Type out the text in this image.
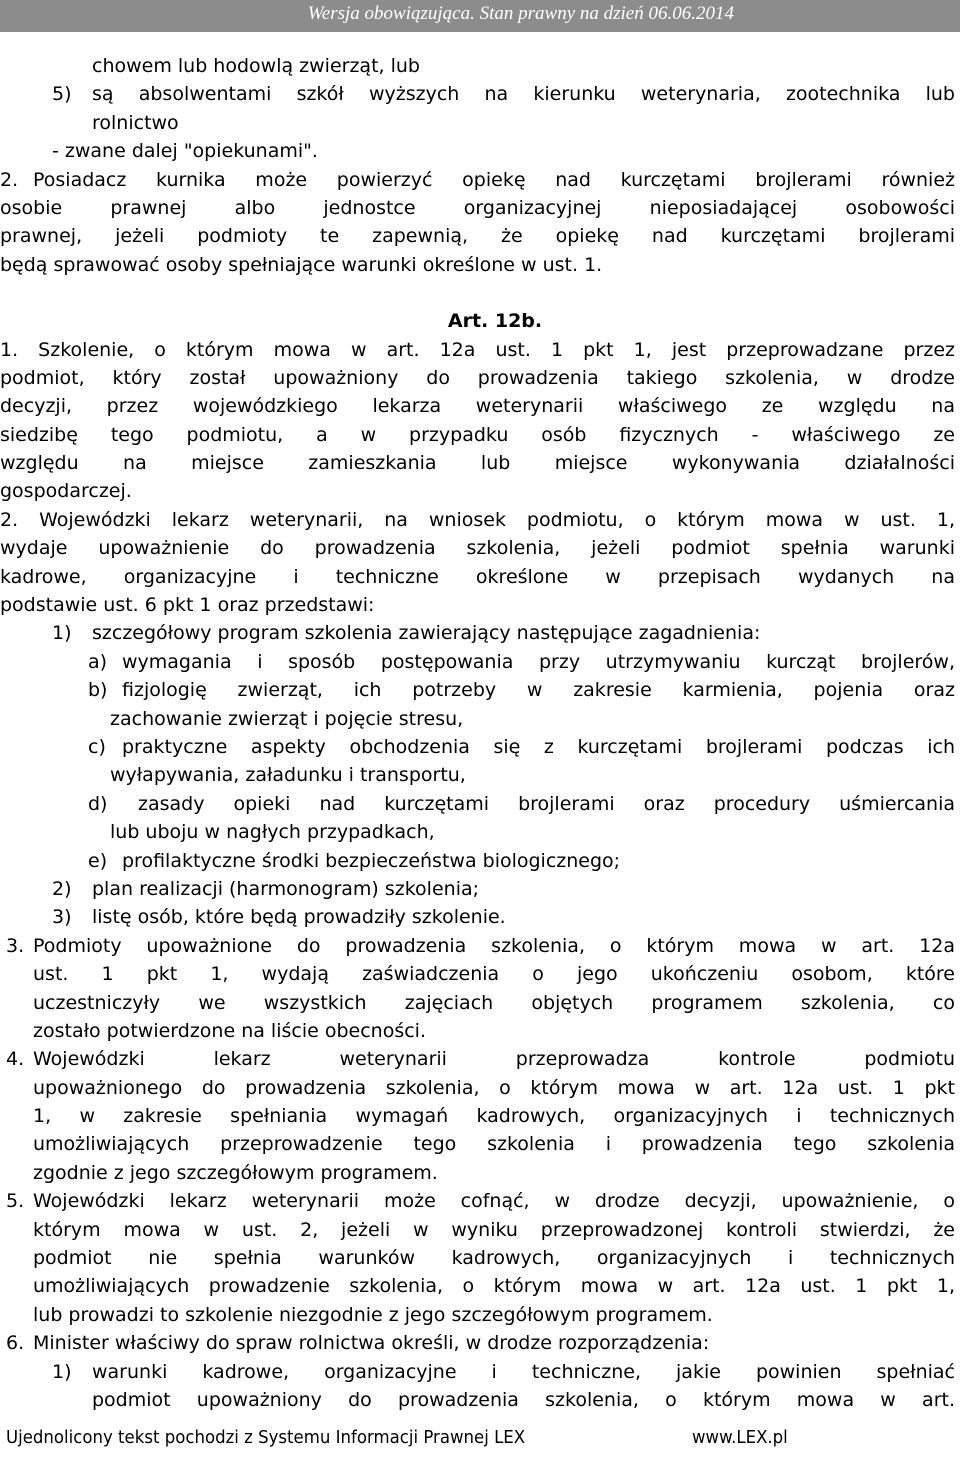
Wersja obowiązująca. Stan prawny na dzień 06.06.2014
chowem lub hodowlą zwierząt, lub
5) są absolwentami szkół wyższych na kierunku weterynaria, zootechnika lub
rolnictwo
- zwane dalej "opiekunami".
2. Posiadacz kurnika może powierzyć opiekę nad kurczętami brojlerami również
osobie prawnej albo jednostce organizacyjnej nieposiadającej osobowości
prawnej, jeżeli podmioty te zapewnią, że opiekę nad kurczętami brojlerami
będą sprawować osoby spełniające warunki określone w ust. 1.
Art. 12b.
1. Szkolenie, o którym mowa w art. 12a ust. 1 pkt 1, jest przeprowadzane przez
podmiot, który został upoważniony do prowadzenia takiego szkolenia, w drodze
decyzji, przez wojewódzkiego lekarza weterynarii właściwego ze względu na
siedzibę tego podmiotu, a w przypadku osób fizycznych - właściwego ze
względu na miejsce zamieszkania lub miejsce wykonywania działalności
gospodarczej.
2. Wojewódzki lekarz weterynarii, na wniosek podmiotu, o którym mowa w ust. 1,
wydaje upoważnienie do prowadzenia szkolenia, jeżeli podmiot spełnia warunki
kadrowe, organizacyjne i techniczne określone w przepisach wydanych na
podstawie ust. 6 pkt 1 oraz przedstawi:
1) szczegółowy program szkolenia zawierający następujące zagadnienia:
a) wymagania i sposób postępowania przy utrzymywaniu kurcząt brojlerów,
b) fizjologię zwierząt, ich potrzeby w zakresie karmienia, pojenia oraz
zachowanie zwierząt i pojęcie stresu,
c) praktyczne aspekty obchodzenia się z kurczętami brojlerami podczas ich
wyłapywania, załadunku i transportu,
d) zasady opieki nad kurczętami brojlerami oraz procedury uśmiercania
lub uboju w nagłych przypadkach,
e) profilaktyczne środki bezpieczeństwa biologicznego;
2) plan realizacji (harmonogram) szkolenia;
3) listę osób, które będą prowadziły szkolenie.
3. Podmioty upoważnione do prowadzenia szkolenia, o którym mowa w art. 12a
ust. 1 pkt 1, wydają zaświadczenia o jego ukończeniu osobom, które
uczestniczyły we wszystkich zajęciach objętych programem szkolenia, co
zostało potwierdzone na liście obecności.
4. Wojewódzki lekarz weterynarii przeprowadza kontrole podmiotu
upoważnionego do prowadzenia szkolenia, o którym mowa w art. 12a ust. 1 pkt
1, w zakresie spełniania wymagań kadrowych, organizacyjnych i technicznych
umożliwiających przeprowadzenie tego szkolenia i prowadzenia tego szkolenia
zgodnie z jego szczegółowym programem.
5. Wojewódzki lekarz weterynarii może cofnąć, w drodze decyzji, upoważnienie, o
którym mowa w ust. 2, jeżeli w wyniku przeprowadzonej kontroli stwierdzi, że
podmiot nie spełnia warunków kadrowych, organizacyjnych i technicznych
umożliwiających prowadzenie szkolenia, o którym mowa w art. 12a ust. 1 pkt 1,
lub prowadzi to szkolenie niezgodnie z jego szczegółowym programem.
6. Minister właściwy do spraw rolnictwa określi, w drodze rozporządzenia:
1) warunki kadrowe, organizacyjne i techniczne, jakie powinien spełniać
podmiot upoważniony do prowadzenia szkolenia, o którym mowa w art.
Ujednolicony tekst pochodzi z Systemu Informacji Prawnej LEX	www.LEX.pl
